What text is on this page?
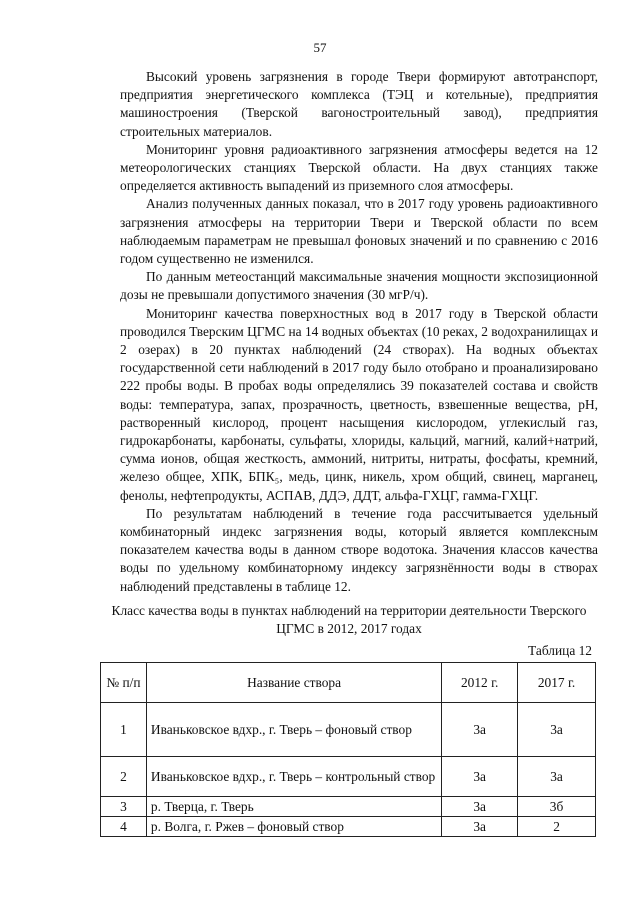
57

Высокий уровень загрязнения в городе Твери формируют автотранспорт, предприятия энергетического комплекса (ТЭЦ и котельные), предприятия машиностроения (Тверской вагоностроительный завод), предприятия строительных материалов.

Мониторинг уровня радиоактивного загрязнения атмосферы ведется на 12 метеорологических станциях Тверской области. На двух станциях также определяется активность выпадений из приземного слоя атмосферы.

Анализ полученных данных показал, что в 2017 году уровень радиоактивного загрязнения атмосферы на территории Твери и Тверской области по всем наблюдаемым параметрам не превышал фоновых значений и по сравнению с 2016 годом существенно не изменился.

По данным метеостанций максимальные значения мощности экспозиционной дозы не превышали допустимого значения (30 мгР/ч).

Мониторинг качества поверхностных вод в 2017 году в Тверской области проводился Тверским ЦГМС на 14 водных объектах (10 реках, 2 водохранилищах и 2 озерах) в 20 пунктах наблюдений (24 створах). На водных объектах государственной сети наблюдений в 2017 году было отобрано и проанализировано 222 пробы воды. В пробах воды определялись 39 показателей состава и свойств воды: температура, запах, прозрачность, цветность, взвешенные вещества, pH, растворенный кислород, процент насыщения кислородом, углекислый газ, гидрокарбонаты, карбонаты, сульфаты, хлориды, кальций, магний, калий+натрий, сумма ионов, общая жесткость, аммоний, нитриты, нитраты, фосфаты, кремний, железо общее, ХПК, БПК₅, медь, цинк, никель, хром общий, свинец, марганец, фенолы, нефтепродукты, АСПАВ, ДДЭ, ДДТ, альфа-ГХЦГ, гамма-ГХЦГ.

По результатам наблюдений в течение года рассчитывается удельный комбинаторный индекс загрязнения воды, который является комплексным показателем качества воды в данном створе водотока. Значения классов качества воды по удельному комбинаторному индексу загрязнённости воды в створах наблюдений представлены в таблице 12.

Класс качества воды в пунктах наблюдений на территории деятельности Тверского ЦГМС в 2012, 2017 годах
Таблица 12
№ п/п	Название створа	2012 г.	2017 г.
1	Иваньковское вдхр., г. Тверь – фоновый створ	3а	3а
2	Иваньковское вдхр., г. Тверь – контрольный створ	3а	3а
3	р. Тверца, г. Тверь	3а	3б
4	р. Волга, г. Ржев – фоновый створ	3а	2
